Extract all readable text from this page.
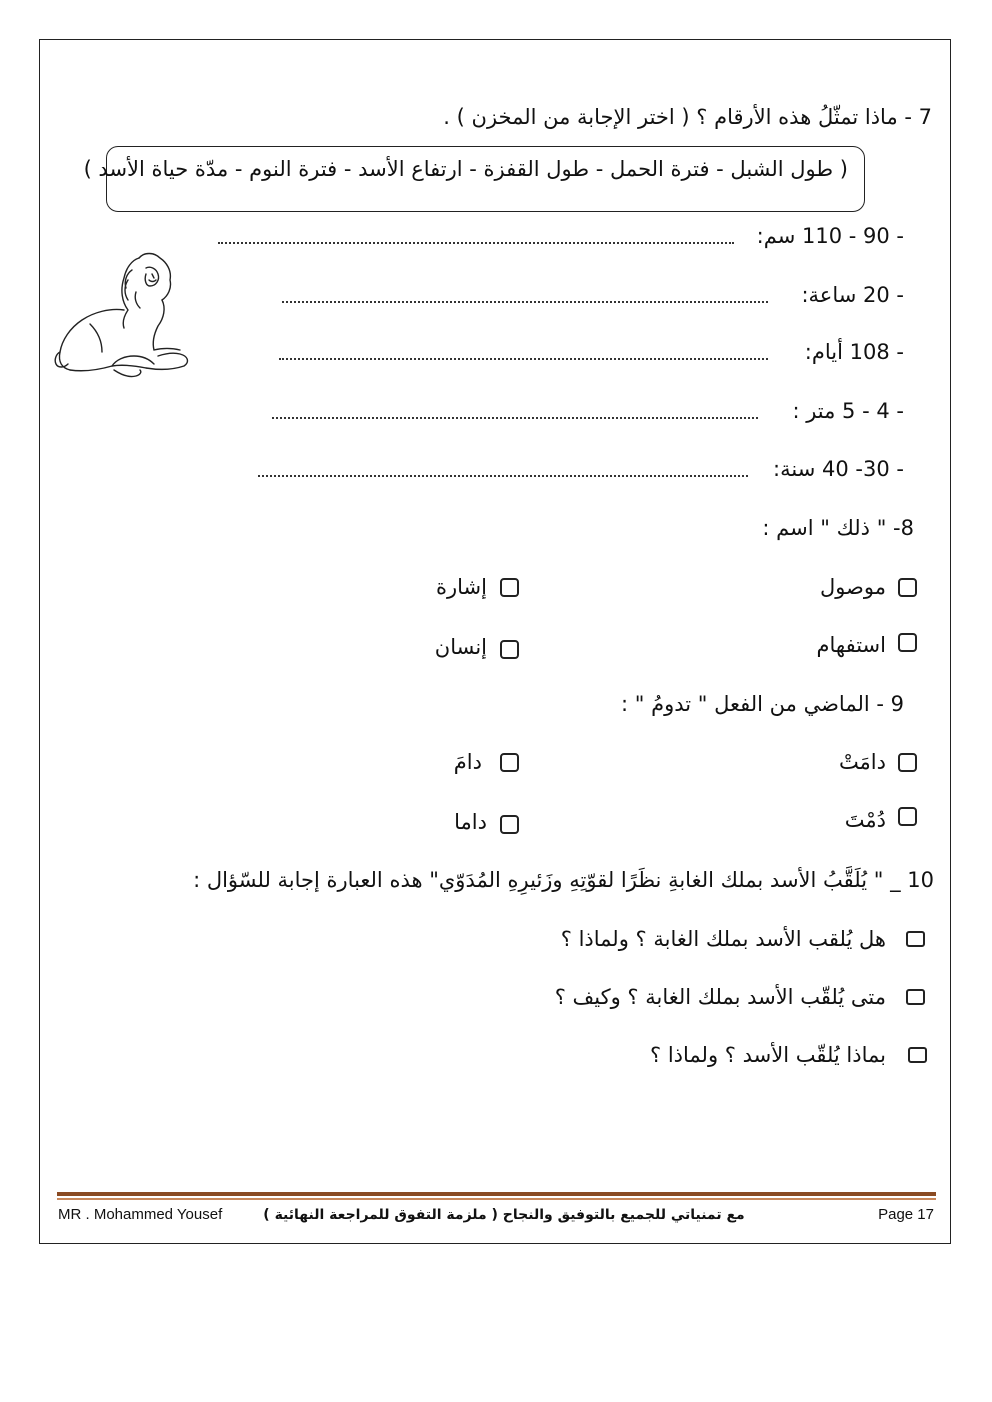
7 - ماذا تمثّلُ هذه الأرقام ؟ ( اختر الإجابة من المخزن ) .
( طول الشبل - فترة الحمل - طول القفزة - ارتفاع الأسد - فترة النوم - مدّة حياة الأسد )
- 90 - 110 سم:
- 20 ساعة:
- 108 أيام:
- 4 - 5 متر :
- 30- 40 سنة:
8- " ذلك " اسم :
موصول
إشارة
استفهام
إنسان
9 - الماضي من الفعل " تدومُ " :
دامَتْ
دامَ
دُمْتَ
داما
10 _ " يُلَقَّبُ الأسد بملك الغابةِ نظَرًا لقوّتِهِ وزَئيرِهِ المُدَوّي" هذه العبارة إجابة للسّؤال :
هل يُلقب الأسد بملك الغابة ؟ ولماذا ؟
متى يُلقّب الأسد بملك الغابة ؟ وكيف ؟
بماذا يُلقّب الأسد ؟ ولماذا ؟
MR . Mohammed Yousef	مع تمنياتي للجميع بالتوفيق والنجاح ( ملزمة التفوق للمراجعة النهائية )	Page 17
